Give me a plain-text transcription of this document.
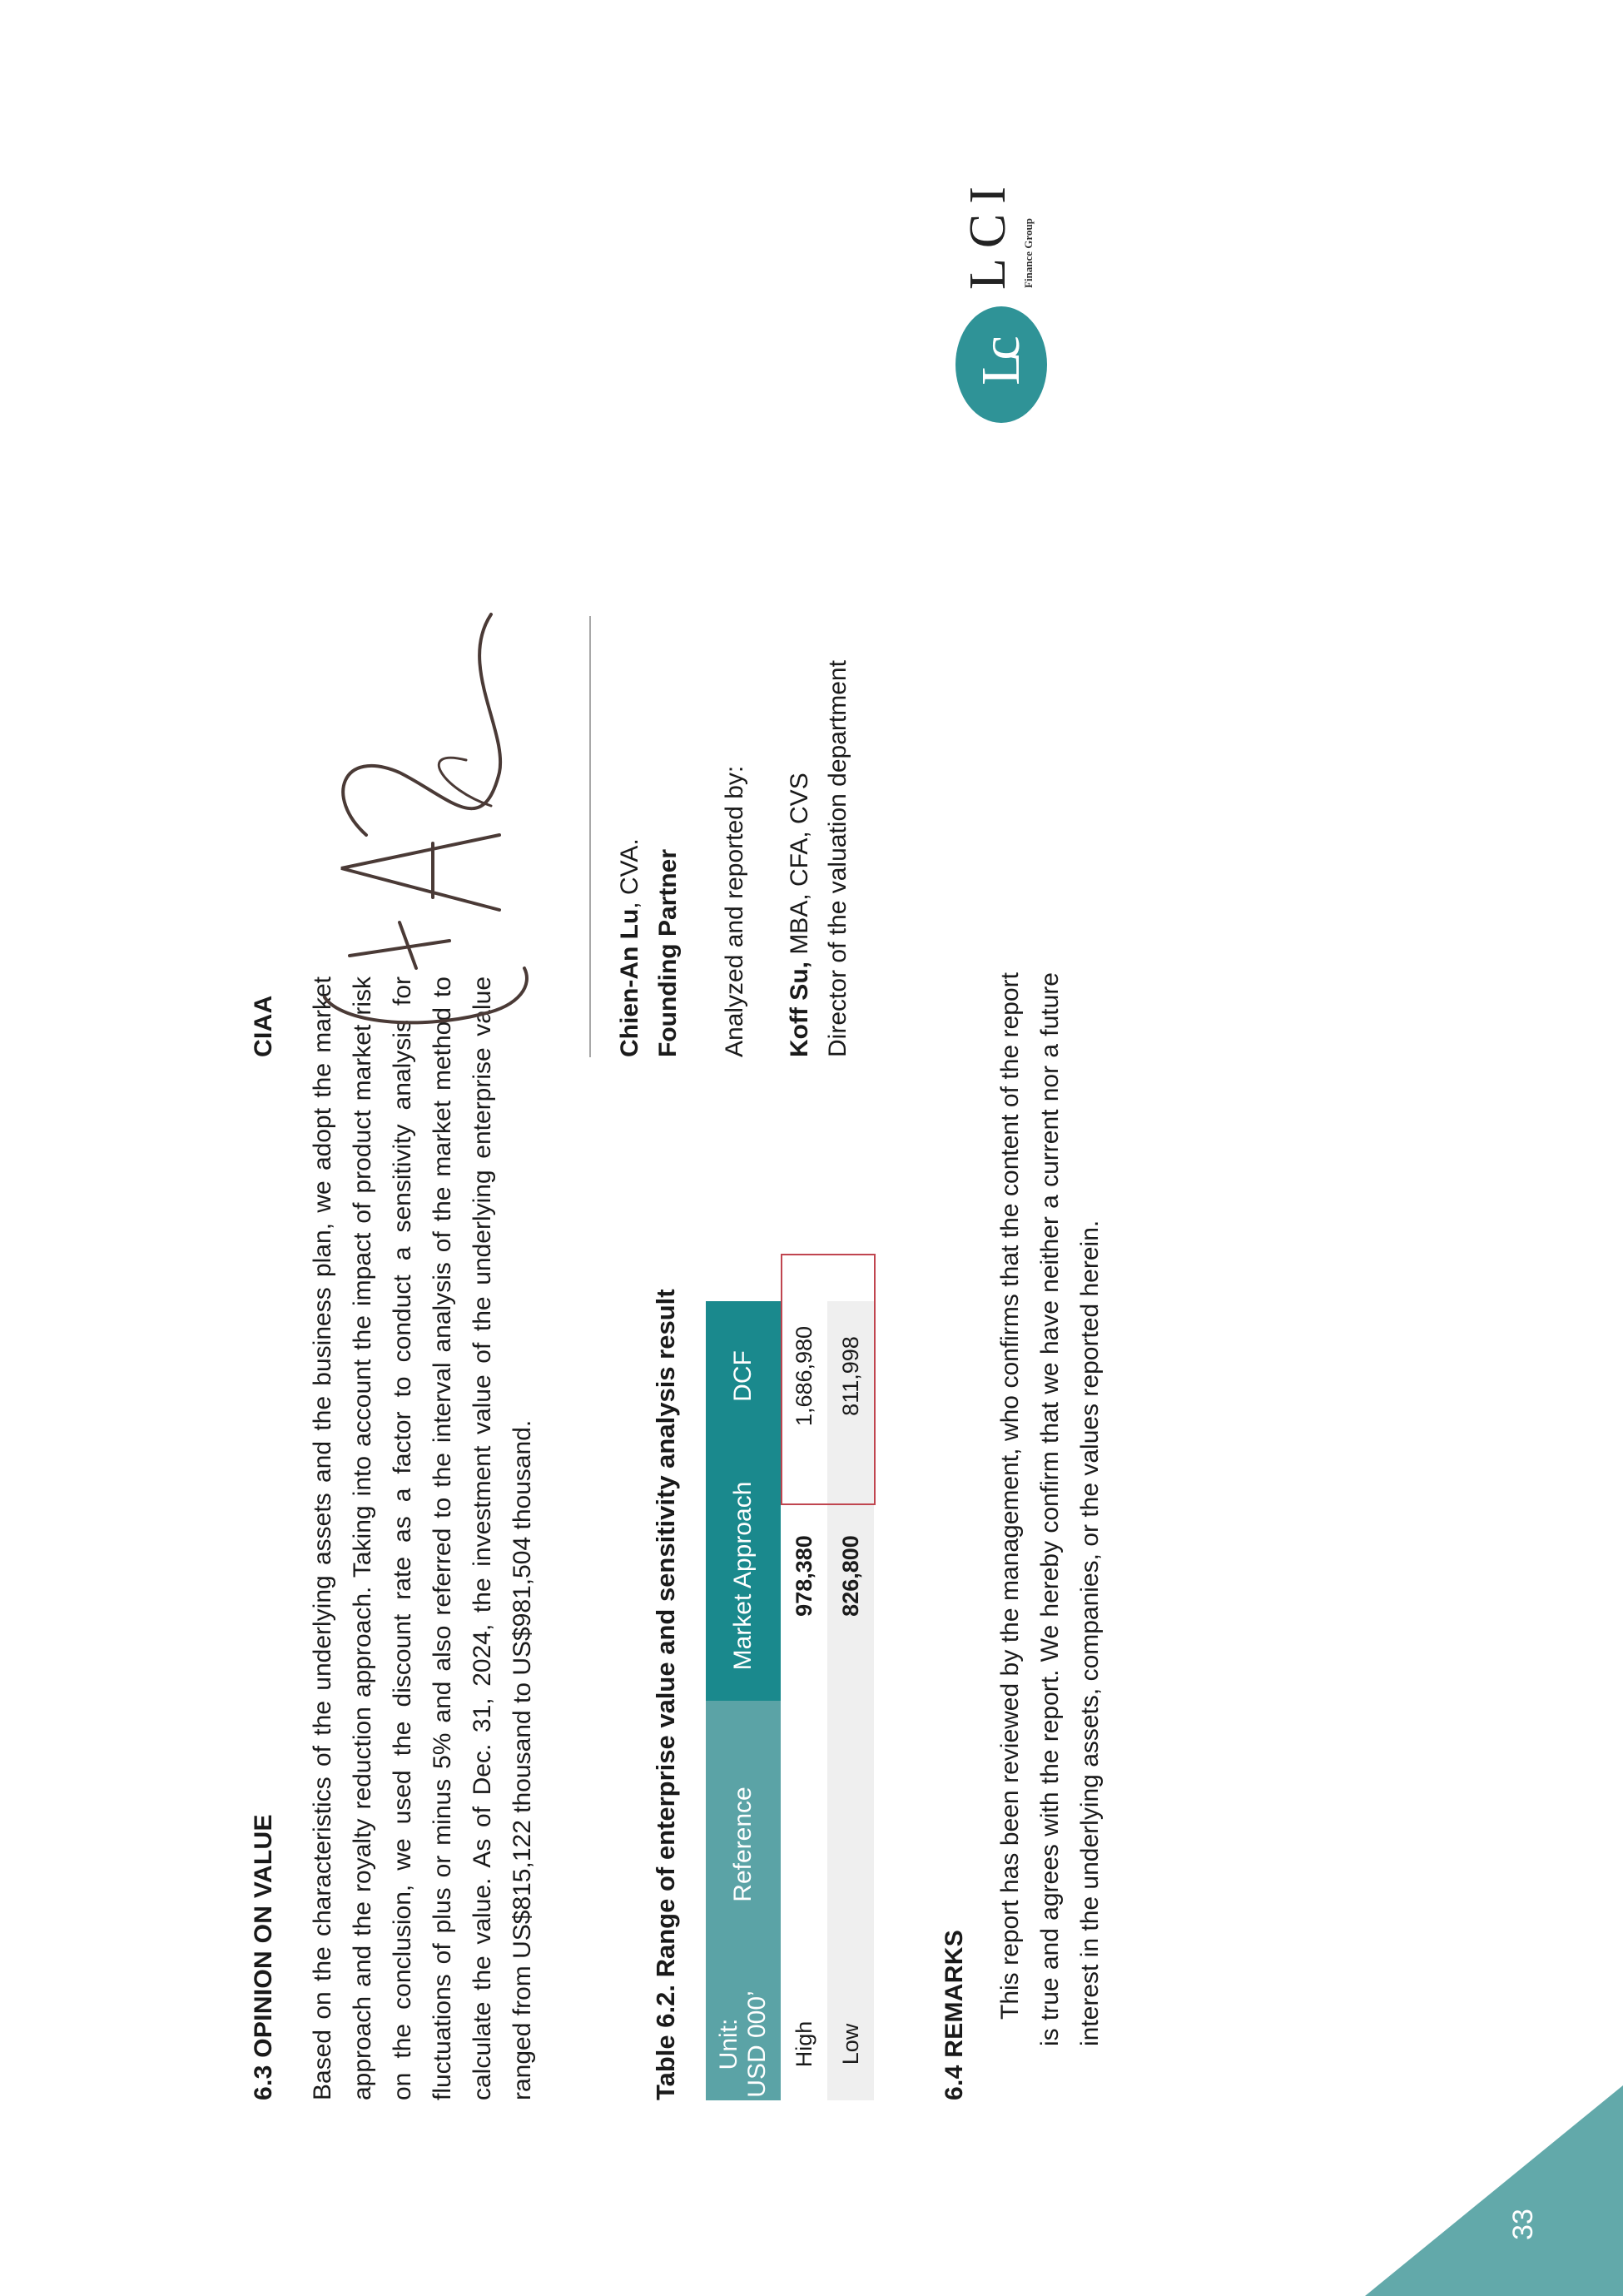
6.3 OPINION ON VALUE Based on the characteristics of the underlying assets and the business plan, we adopt the market approach and the royalty reduction approach. Taking into account the impact of product market risk on the conclusion, we used the discount rate as a factor to conduct a sensitivity analysis for fluctuations of plus or minus 5% and also referred to the interval analysis of the market method to calculate the value. As of Dec. 31, 2024, the investment value of the underlying enterprise value ranged from US$815,122 thousand to US$981,504 thousand.	Table 6.2. Range of enterprise value and sensitivity analysis result Unit:
USD 000’	Reference	Market Approach	DCF
High		978,380	1,686,980
Low		826,800	811,998
6.4 REMARKS This report has been reviewed by the management, who confirms that the content of the report is true and agrees with the report. We hereby confirm that we have neither a current nor a future interest in the underlying assets, companies, or the values reported herein.
CIAA	Chien-An Lu, CVA. Founding Partner Analyzed and reported by: Koff Su, MBA, CFA, CVS Director of the valuation department
Lc
LCI Finance Group
33
